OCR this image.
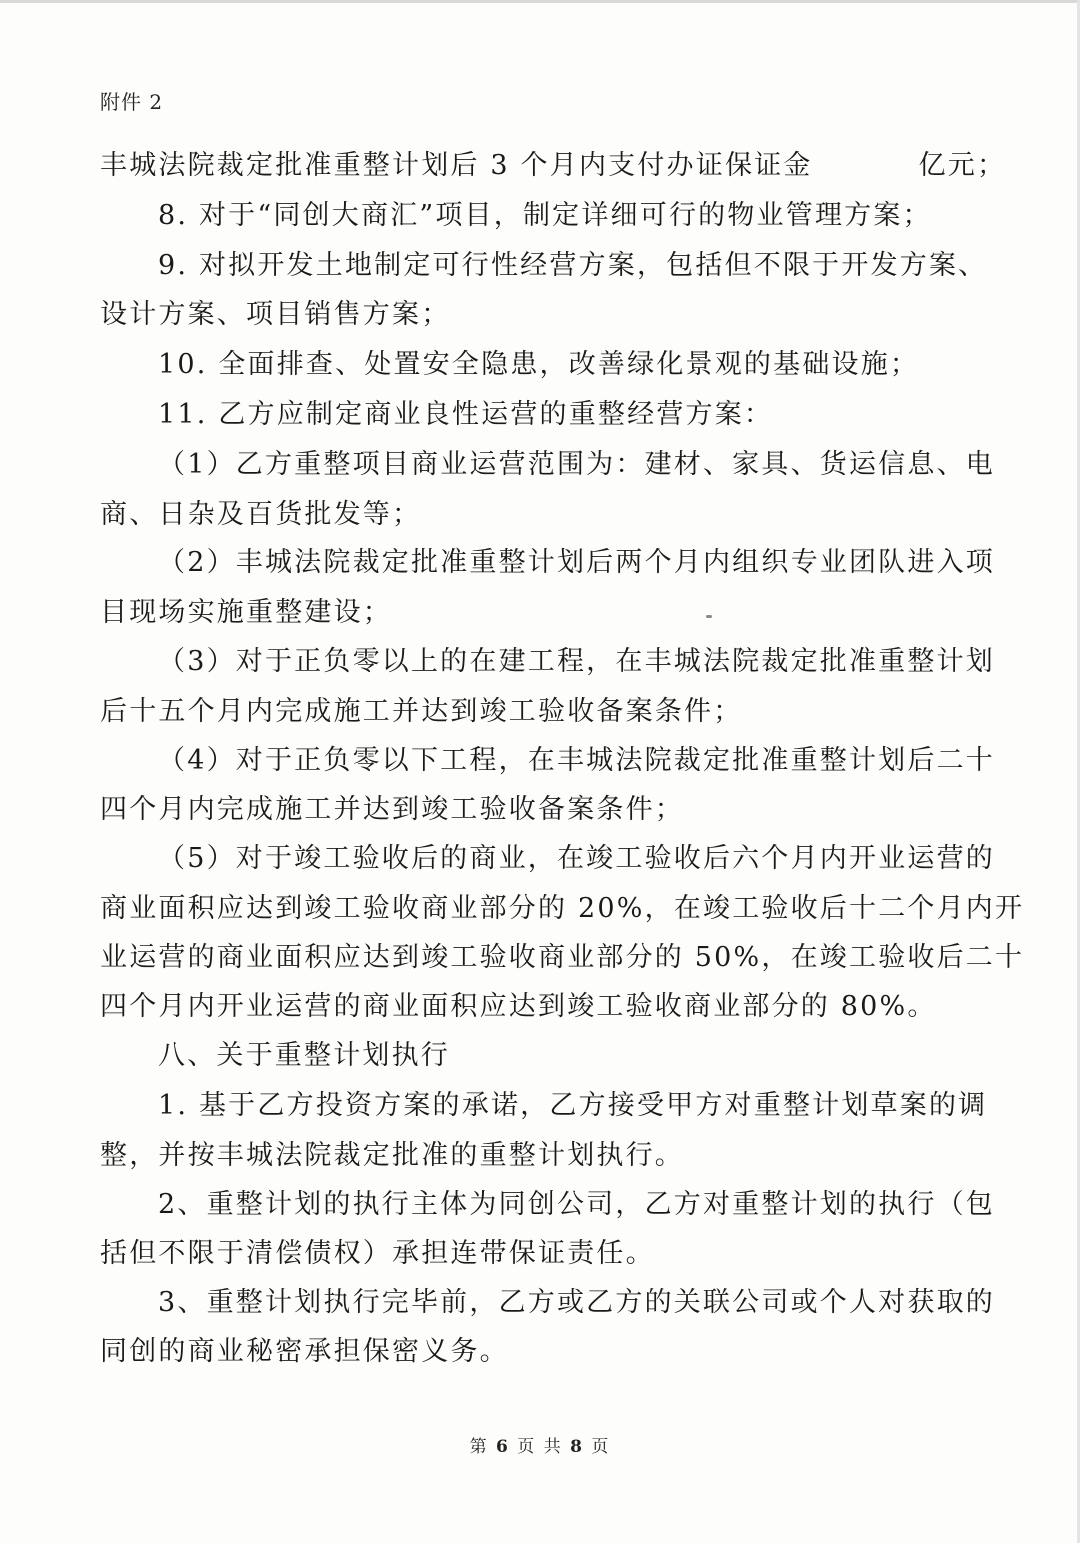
附件 2
丰城法院裁定批准重整计划后 3 个月内支付办证保证金	亿元；
8. 对于“同创大商汇”项目，制定详细可行的物业管理方案；
9. 对拟开发土地制定可行性经营方案，包括但不限于开发方案、
设计方案、项目销售方案；
10. 全面排查、处置安全隐患，改善绿化景观的基础设施；
11. 乙方应制定商业良性运营的重整经营方案：
（1）乙方重整项目商业运营范围为：建材、家具、货运信息、电
商、日杂及百货批发等；
（2）丰城法院裁定批准重整计划后两个月内组织专业团队进入项
目现场实施重整建设；
（3）对于正负零以上的在建工程，在丰城法院裁定批准重整计划
后十五个月内完成施工并达到竣工验收备案条件；
（4）对于正负零以下工程，在丰城法院裁定批准重整计划后二十
四个月内完成施工并达到竣工验收备案条件；
（5）对于竣工验收后的商业，在竣工验收后六个月内开业运营的
商业面积应达到竣工验收商业部分的 20%，在竣工验收后十二个月内开
业运营的商业面积应达到竣工验收商业部分的 50%，在竣工验收后二十
四个月内开业运营的商业面积应达到竣工验收商业部分的 80%。
八、关于重整计划执行
1. 基于乙方投资方案的承诺，乙方接受甲方对重整计划草案的调
整，并按丰城法院裁定批准的重整计划执行。
2、重整计划的执行主体为同创公司，乙方对重整计划的执行（包
括但不限于清偿债权）承担连带保证责任。
3、重整计划执行完毕前，乙方或乙方的关联公司或个人对获取的
同创的商业秘密承担保密义务。
第 6 页 共 8 页
